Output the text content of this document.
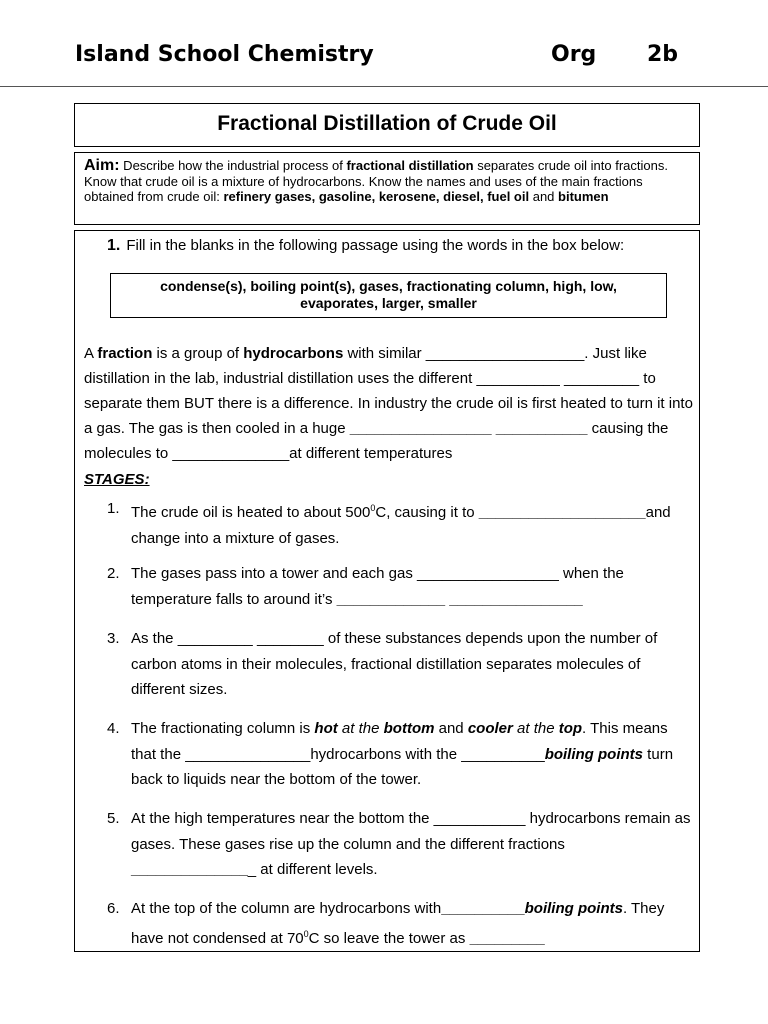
Island School Chemistry	Org 2b
Fractional Distillation of Crude Oil
Aim: Describe how the industrial process of fractional distillation separates crude oil into fractions. Know that crude oil is a mixture of hydrocarbons. Know the names and uses of the main fractions obtained from crude oil: refinery gases, gasoline, kerosene, diesel, fuel oil and bitumen
1. Fill in the blanks in the following passage using the words in the box below:
condense(s), boiling point(s), gases, fractionating column, high, low,
evaporates, larger, smaller
A fraction is a group of hydrocarbons with similar ___________________. Just like distillation in the lab, industrial distillation uses the different __________ _________ to separate them BUT there is a difference. In industry the crude oil is first heated to turn it into a gas. The gas is then cooled in a huge _________________ ___________ causing the molecules to ______________at different temperatures
STAGES:
1. The crude oil is heated to about $500^0C$, causing it to ____________________and change into a mixture of gases.
2. The gases pass into a tower and each gas _________________ when the temperature falls to around it’s _____________ ________________
3. As the _________ ________ of these substances depends upon the number of carbon atoms in their molecules, fractional distillation separates molecules of different sizes.
4. The fractionating column is hot at the bottom and cooler at the top. This means that the _______________hydrocarbons with the __________boiling points turn back to liquids near the bottom of the tower.
5. At the high temperatures near the bottom the ___________ hydrocarbons remain as gases. These gases rise up the column and the different fractions _______________ at different levels.
6. At the top of the column are hydrocarbons with__________boiling points. They have not condensed at $70^0C$ so leave the tower as _________
